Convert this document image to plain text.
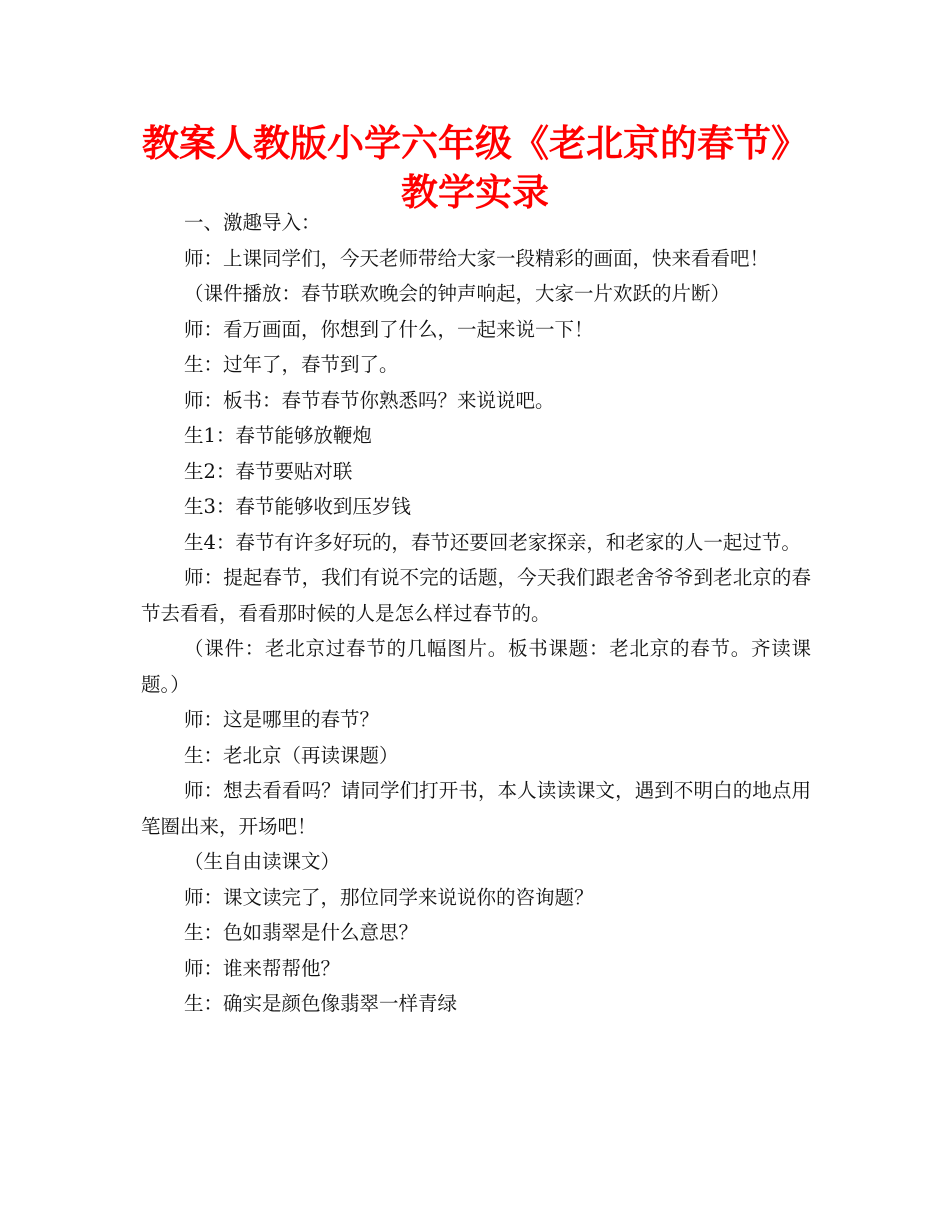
教案人教版小学六年级《老北京的春节》
教学实录

一、激趣导入：

师：上课同学们，今天老师带给大家一段精彩的画面，快来看看吧！

（课件播放：春节联欢晚会的钟声响起，大家一片欢跃的片断）

师：看万画面，你想到了什么，一起来说一下！

生：过年了，春节到了。

师：板书：春节春节你熟悉吗？来说说吧。

生1：春节能够放鞭炮

生2：春节要贴对联

生3：春节能够收到压岁钱

生4：春节有许多好玩的，春节还要回老家探亲，和老家的人一起过节。

师：提起春节，我们有说不完的话题，今天我们跟老舍爷爷到老北京的春节去看看，看看那时候的人是怎么样过春节的。

（课件：老北京过春节的几幅图片。板书课题：老北京的春节。齐读课题。）

师：这是哪里的春节？

生：老北京（再读课题）

师：想去看看吗？请同学们打开书，本人读读课文，遇到不明白的地点用笔圈出来，开场吧！

（生自由读课文）

师：课文读完了，那位同学来说说你的咨询题？

生：色如翡翠是什么意思？

师：谁来帮帮他？

生：确实是颜色像翡翠一样青绿
